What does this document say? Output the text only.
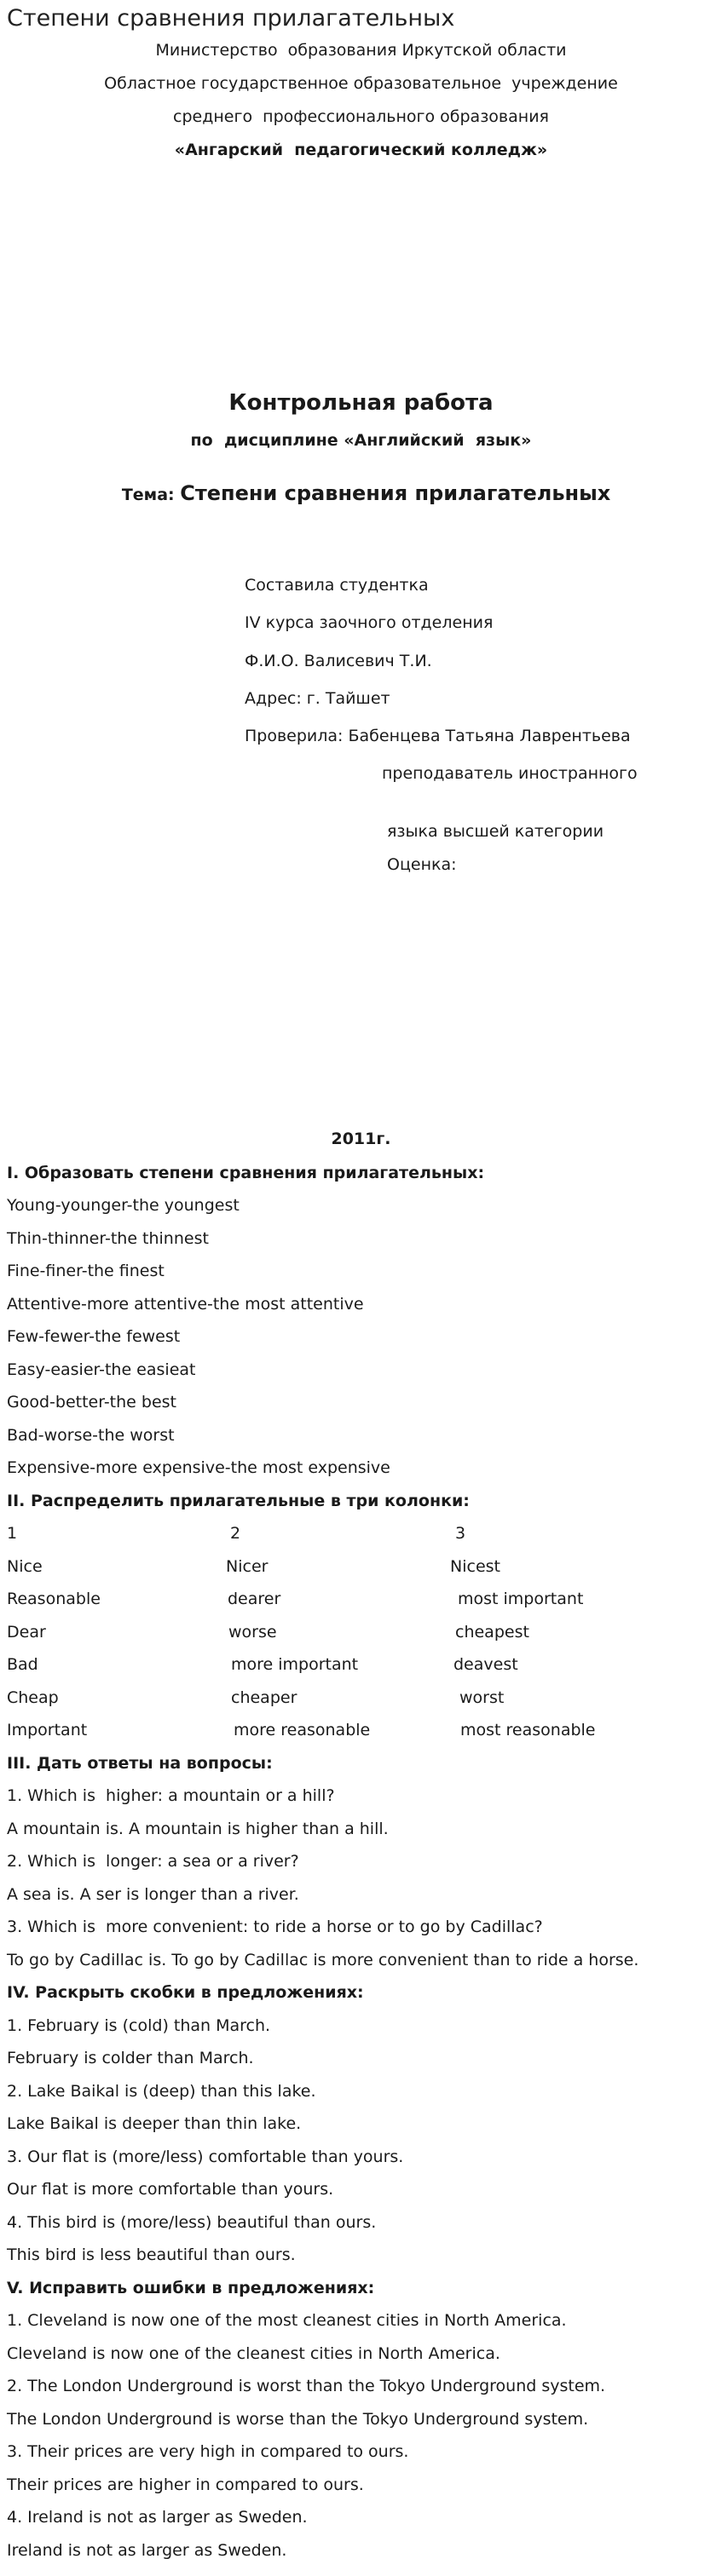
Степени сравнения прилагательных
Министерство  образования Иркутской области
Областное государственное образовательное  учреждение
среднего  профессионального образования
«Ангарский  педагогический колледж»
Контрольная работа
по  дисциплине «Английский  язык»

Тема: Степени сравнения прилагательных

Составила студентка
IV курса заочного отделения
Ф.И.О. Валисевич Т.И.
Адрес: г. Тайшет
Проверила: Бабенцева Татьяна Лаврентьева
преподаватель иностранного
языка высшей категории
Оценка:
2011г.
I. Образовать степени сравнения прилагательных:
Young-younger-the youngest
Thin-thinner-the thinnest
Fine-finer-the finest
Attentive-more attentive-the most attentive
Few-fewer-the fewest
Easy-easier-the easieat
Good-better-the best
Bad-worse-the worst
Expensive-more expensive-the most expensive
II. Распределить прилагательные в три колонки:
1	2	3
Nice	Nicer	Nicest
Reasonable	dearer	most important
Dear	worse	cheapest
Bad	more important	deavest
Cheap	cheaper	worst
Important	more reasonable	most reasonable
III. Дать ответы на вопросы:
1. Which is  higher: a mountain or a hill?
A mountain is. A mountain is higher than a hill.
2. Which is  longer: a sea or a river?
A sea is. A ser is longer than a river.
3. Which is  more convenient: to ride a horse or to go by Cadillac?
To go by Cadillac is. To go by Cadillac is more convenient than to ride a horse.
IV. Раскрыть скобки в предложениях:
1. February is (cold) than March.
February is colder than March.
2. Lake Baikal is (deep) than this lake.
Lake Baikal is deeper than thin lake.
3. Our flat is (more/less) comfortable than yours.
Our flat is more comfortable than yours.
4. This bird is (more/less) beautiful than ours.
This bird is less beautiful than ours.
V. Исправить ошибки в предложениях:
1. Cleveland is now one of the most cleanest cities in North America.
Cleveland is now one of the cleanest cities in North America.
2. The London Underground is worst than the Tokyo Underground system.
The London Underground is worse than the Tokyo Underground system.
3. Their prices are very high in compared to ours.
Their prices are higher in compared to ours.
4. Ireland is not as larger as Sweden.
Ireland is not as larger as Sweden.
